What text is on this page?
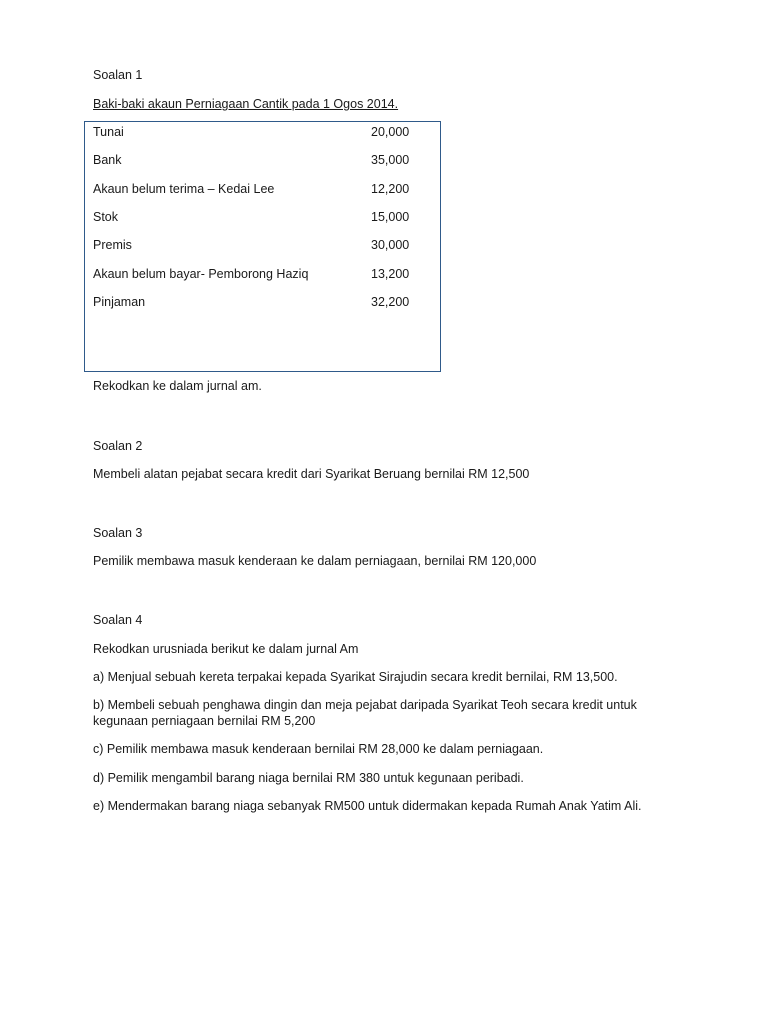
Soalan 1
Baki-baki akaun Perniagaan Cantik pada 1 Ogos 2014.
Tunai	20,000
Bank	35,000
Akaun belum terima – Kedai Lee	12,200
Stok	15,000
Premis	30,000
Akaun belum bayar- Pemborong Haziq	13,200
Pinjaman	32,200
Rekodkan ke dalam jurnal am.
Soalan 2
Membeli alatan pejabat secara kredit dari Syarikat Beruang bernilai RM 12,500
Soalan 3
Pemilik membawa masuk kenderaan ke dalam perniagaan, bernilai RM 120,000
Soalan 4
Rekodkan urusniada berikut ke dalam jurnal Am
a) Menjual sebuah kereta terpakai kepada Syarikat Sirajudin secara kredit bernilai, RM 13,500.
b) Membeli sebuah penghawa dingin dan meja pejabat daripada Syarikat Teoh secara kredit untuk
kegunaan perniagaan bernilai RM 5,200
c) Pemilik membawa masuk kenderaan bernilai RM 28,000 ke dalam perniagaan.
d) Pemilik mengambil barang niaga bernilai RM 380 untuk kegunaan peribadi.
e) Mendermakan barang niaga sebanyak RM500 untuk didermakan kepada Rumah Anak Yatim Ali.
